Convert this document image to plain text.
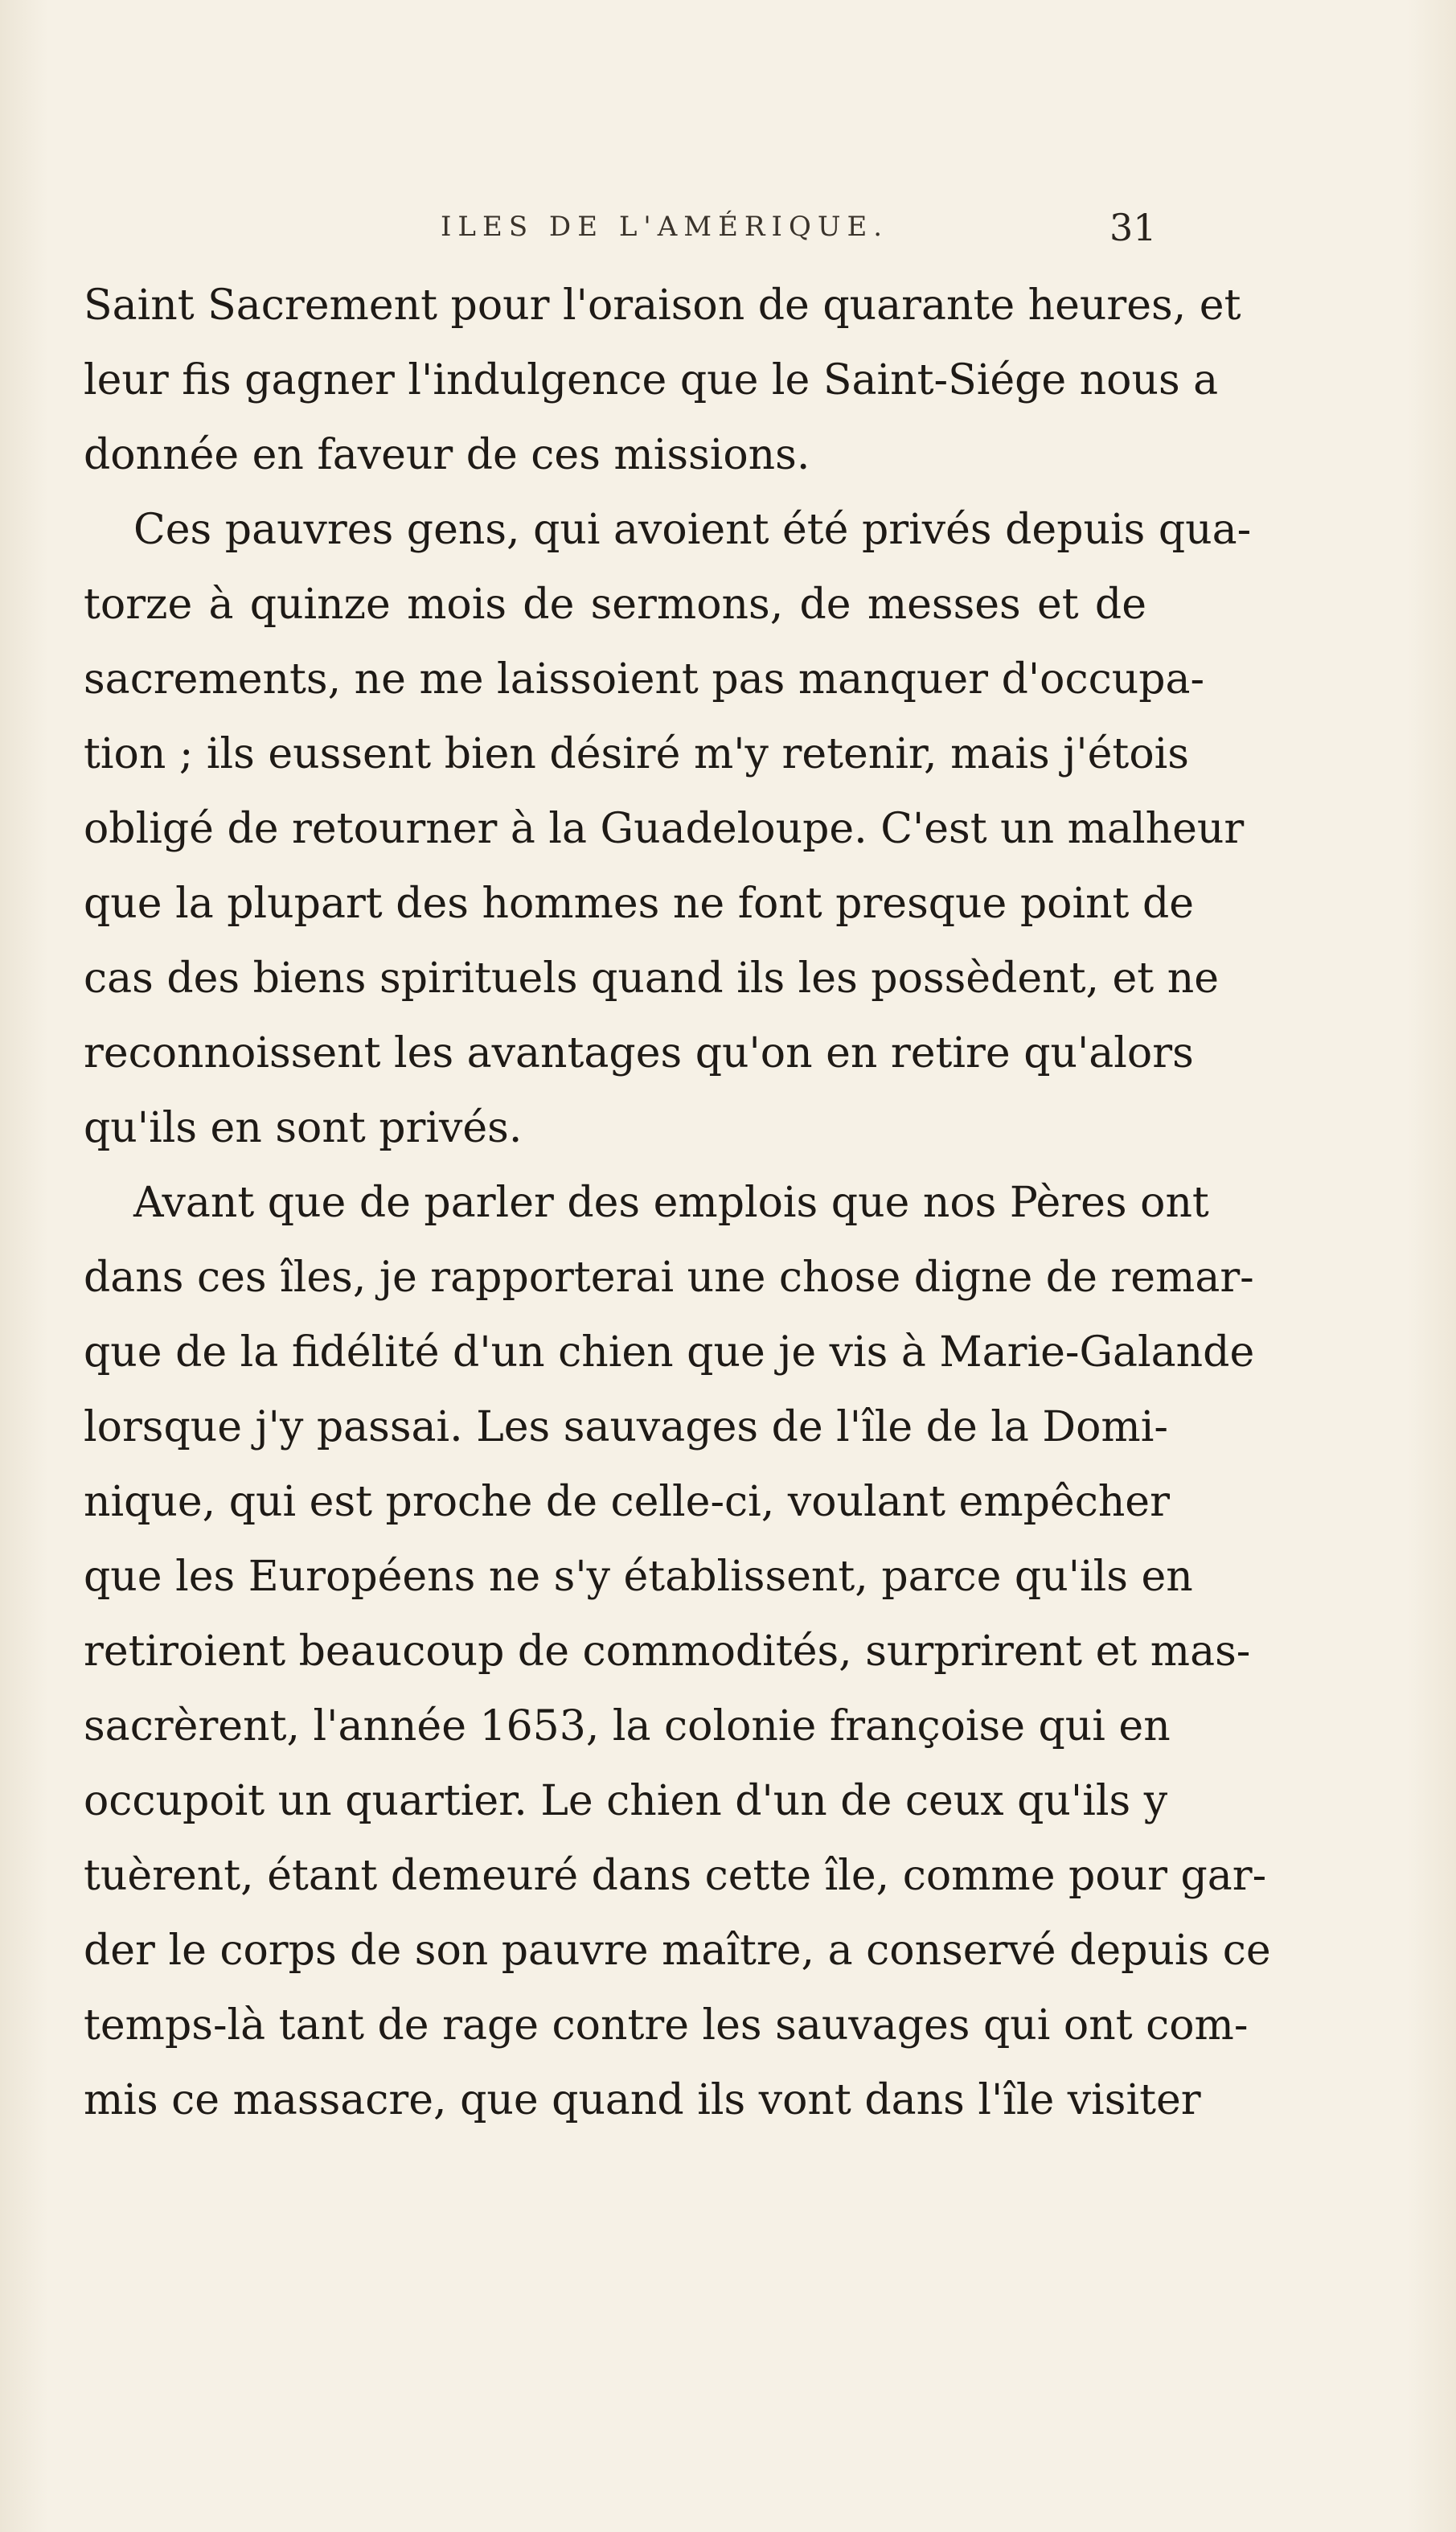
ILES DE L'AMÉRIQUE.	31
Saint Sacrement pour l'oraison de quarante heures, et
leur fis gagner l'indulgence que le Saint-Siége nous a
donnée en faveur de ces missions.
Ces pauvres gens, qui avoient été privés depuis qua-
torze à quinze mois de sermons, de messes et de
sacrements, ne me laissoient pas manquer d'occupa-
tion ; ils eussent bien désiré m'y retenir, mais j'étois
obligé de retourner à la Guadeloupe. C'est un malheur
que la plupart des hommes ne font presque point de
cas des biens spirituels quand ils les possèdent, et ne
reconnoissent les avantages qu'on en retire qu'alors
qu'ils en sont privés.
Avant que de parler des emplois que nos Pères ont
dans ces îles, je rapporterai une chose digne de remar-
que de la fidélité d'un chien que je vis à Marie-Galande
lorsque j'y passai. Les sauvages de l'île de la Domi-
nique, qui est proche de celle-ci, voulant empêcher
que les Européens ne s'y établissent, parce qu'ils en
retiroient beaucoup de commodités, surprirent et mas-
sacrèrent, l'année 1653, la colonie françoise qui en
occupoit un quartier. Le chien d'un de ceux qu'ils y
tuèrent, étant demeuré dans cette île, comme pour gar-
der le corps de son pauvre maître, a conservé depuis ce
temps-là tant de rage contre les sauvages qui ont com-
mis ce massacre, que quand ils vont dans l'île visiter
